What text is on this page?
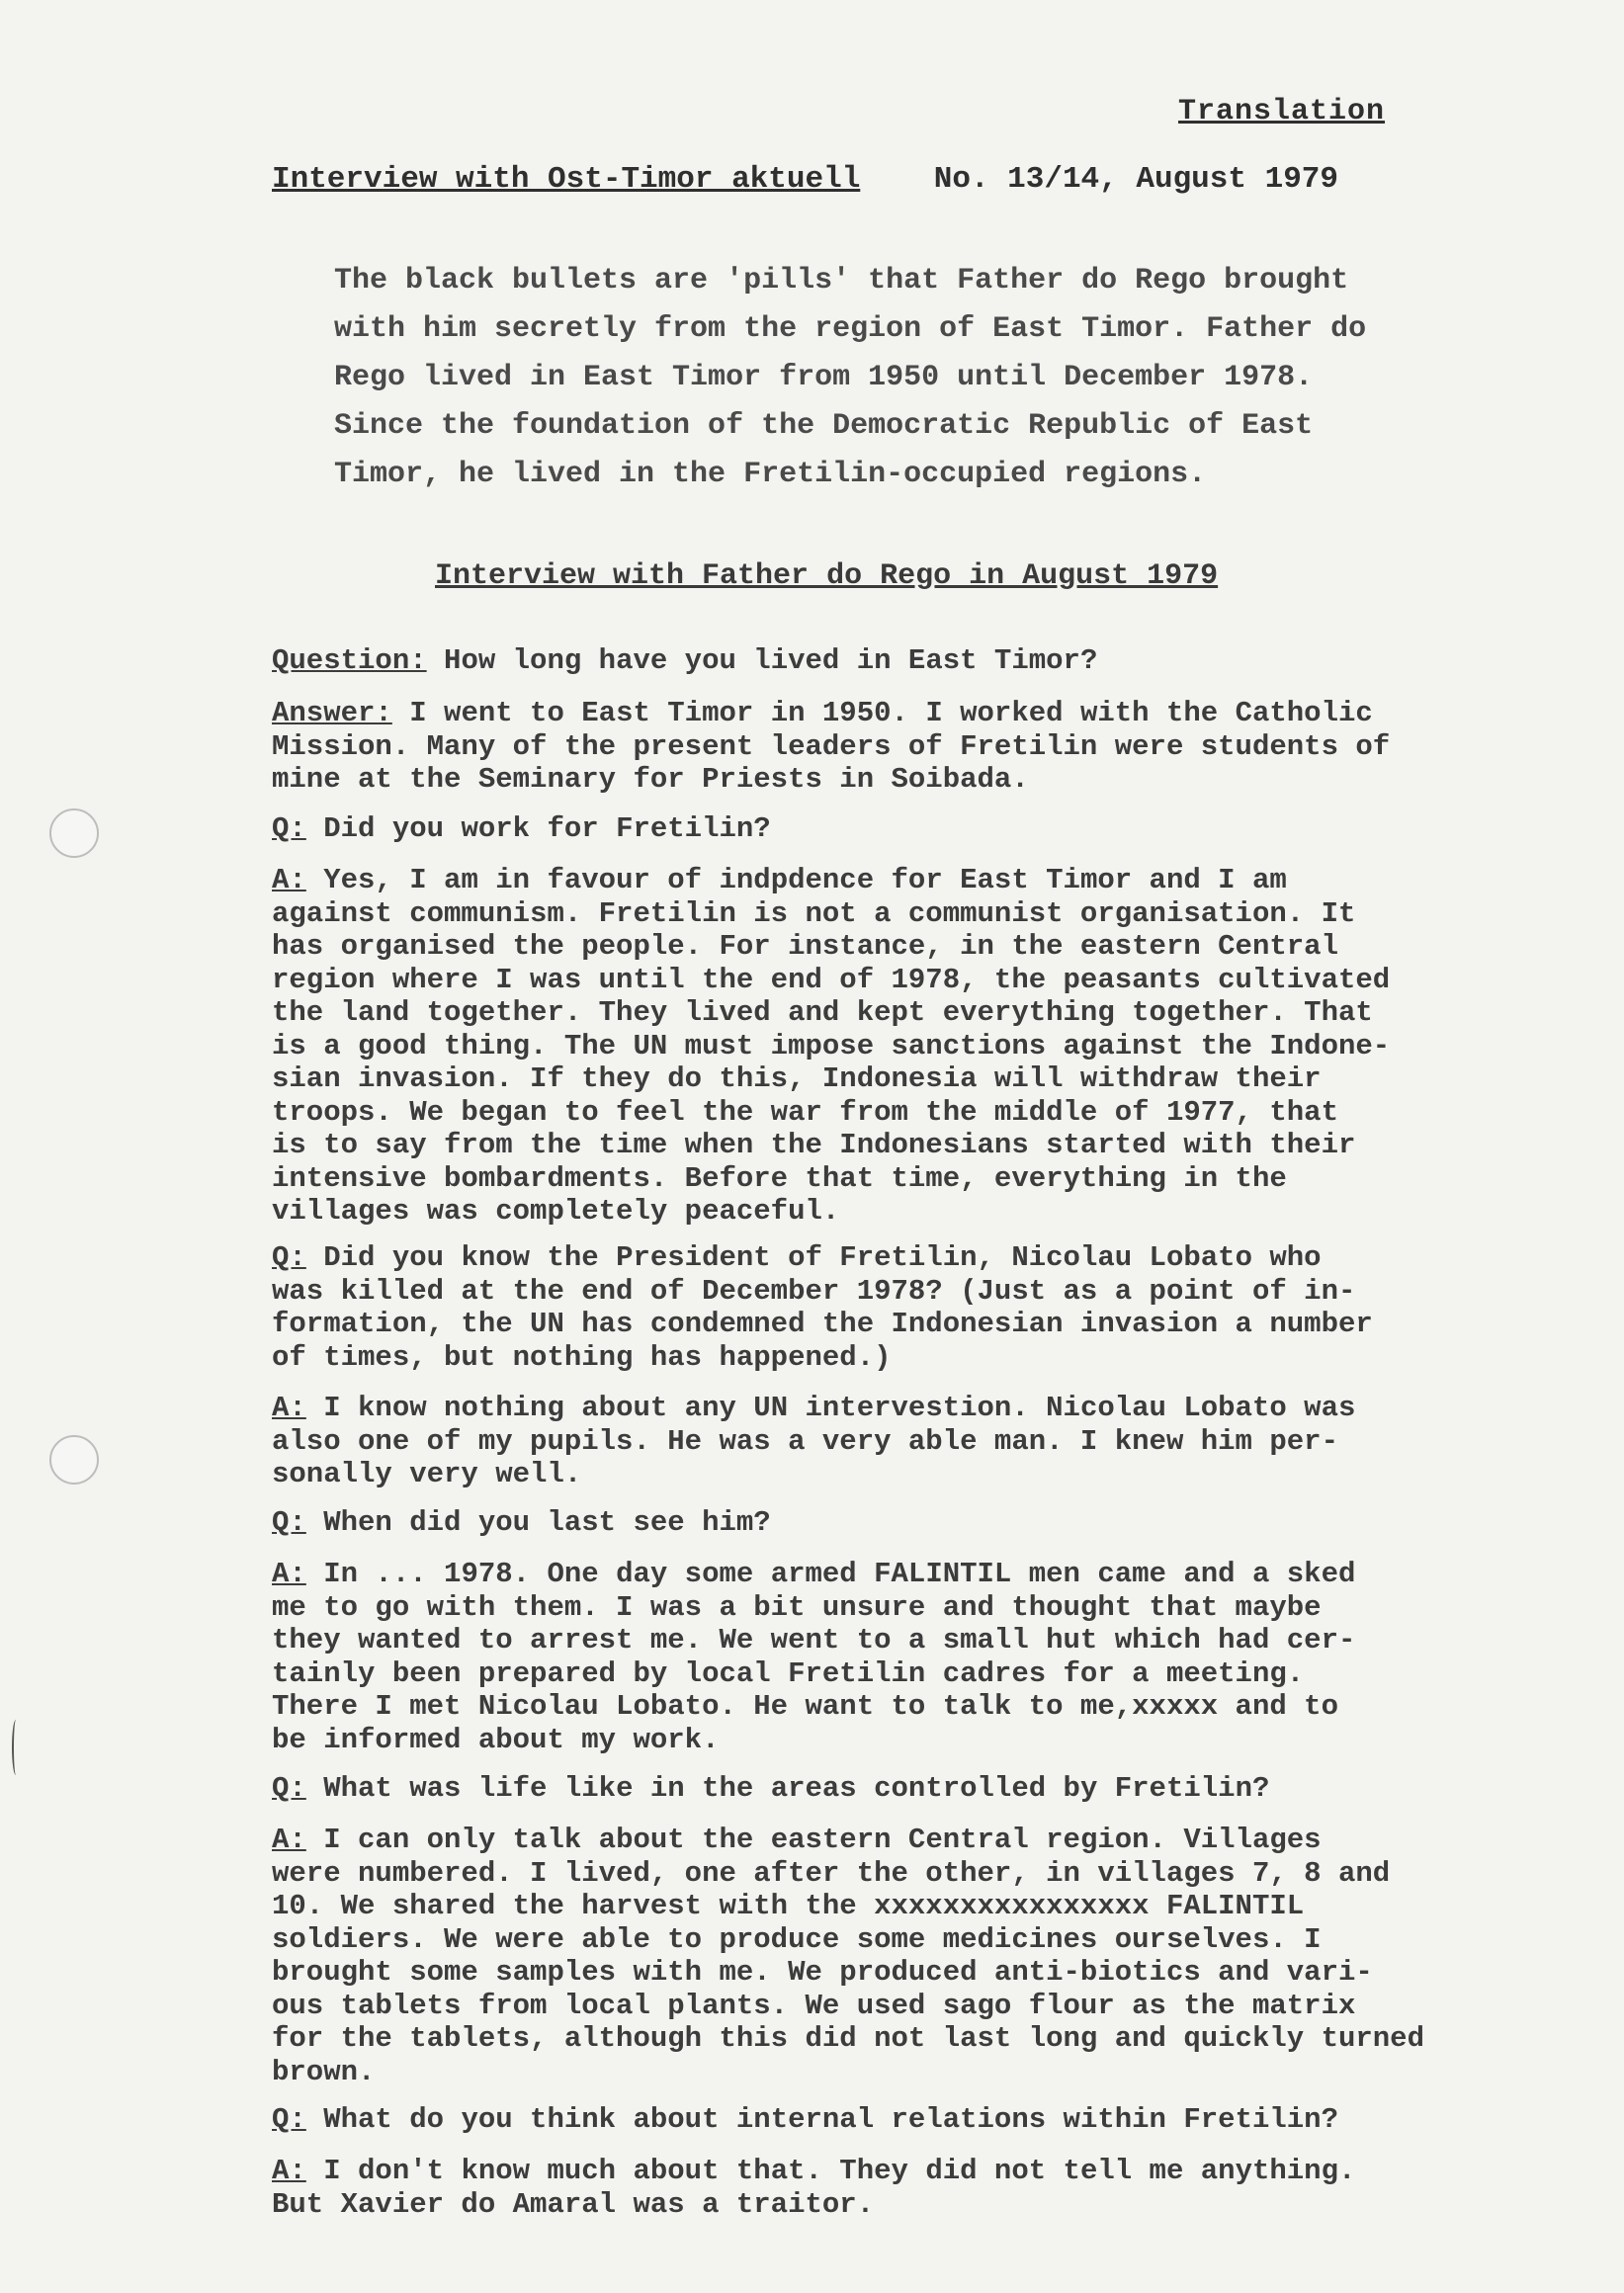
Translation
Interview with Ost-Timor aktuell No. 13/14, August 1979
The black bullets are 'pills' that Father do Rego brought
with him secretly from the region of East Timor. Father do
Rego lived in East Timor from 1950 until December 1978.
Since the foundation of the Democratic Republic of East
Timor, he lived in the Fretilin-occupied regions.
Interview with Father do Rego in August 1979
Question: How long have you lived in East Timor?
Answer: I went to East Timor in 1950. I worked with the Catholic
Mission. Many of the present leaders of Fretilin were students of
mine at the Seminary for Priests in Soibada.
Q: Did you work for Fretilin?
A: Yes, I am in favour of indpdence for East Timor and I am
against communism. Fretilin is not a communist organisation. It
has organised the people. For instance, in the eastern Central
region where I was until the end of 1978, the peasants cultivated
the land together. They lived and kept everything together. That
is a good thing. The UN must impose sanctions against the Indone-
sian invasion. If they do this, Indonesia will withdraw their
troops. We began to feel the war from the middle of 1977, that
is to say from the time when the Indonesians started with their
intensive bombardments. Before that time, everything in the
villages was completely peaceful.
Q: Did you know the President of Fretilin, Nicolau Lobato who
was killed at the end of December 1978? (Just as a point of in-
formation, the UN has condemned the Indonesian invasion a number
of times, but nothing has happened.)
A: I know nothing about any UN intervestion. Nicolau Lobato was
also one of my pupils. He was a very able man. I knew him per-
sonally very well.
Q: When did you last see him?
A: In ... 1978. One day some armed FALINTIL men came and a sked
me to go with them. I was a bit unsure and thought that maybe
they wanted to arrest me. We went to a small hut which had cer-
tainly been prepared by local Fretilin cadres for a meeting.
There I met Nicolau Lobato. He want to talk to me,xxxxx and to
be informed about my work.
Q: What was life like in the areas controlled by Fretilin?
A: I can only talk about the eastern Central region. Villages
were numbered. I lived, one after the other, in villages 7, 8 and
10. We shared the harvest with the xxxxxxxxxxxxxxxx FALINTIL
soldiers. We were able to produce some medicines ourselves. I
brought some samples with me. We produced anti-biotics and vari-
ous tablets from local plants. We used sago flour as the matrix
for the tablets, although this did not last long and quickly turned
brown.
Q: What do you think about internal relations within Fretilin?
A: I don't know much about that. They did not tell me anything.
But Xavier do Amaral was a traitor.
